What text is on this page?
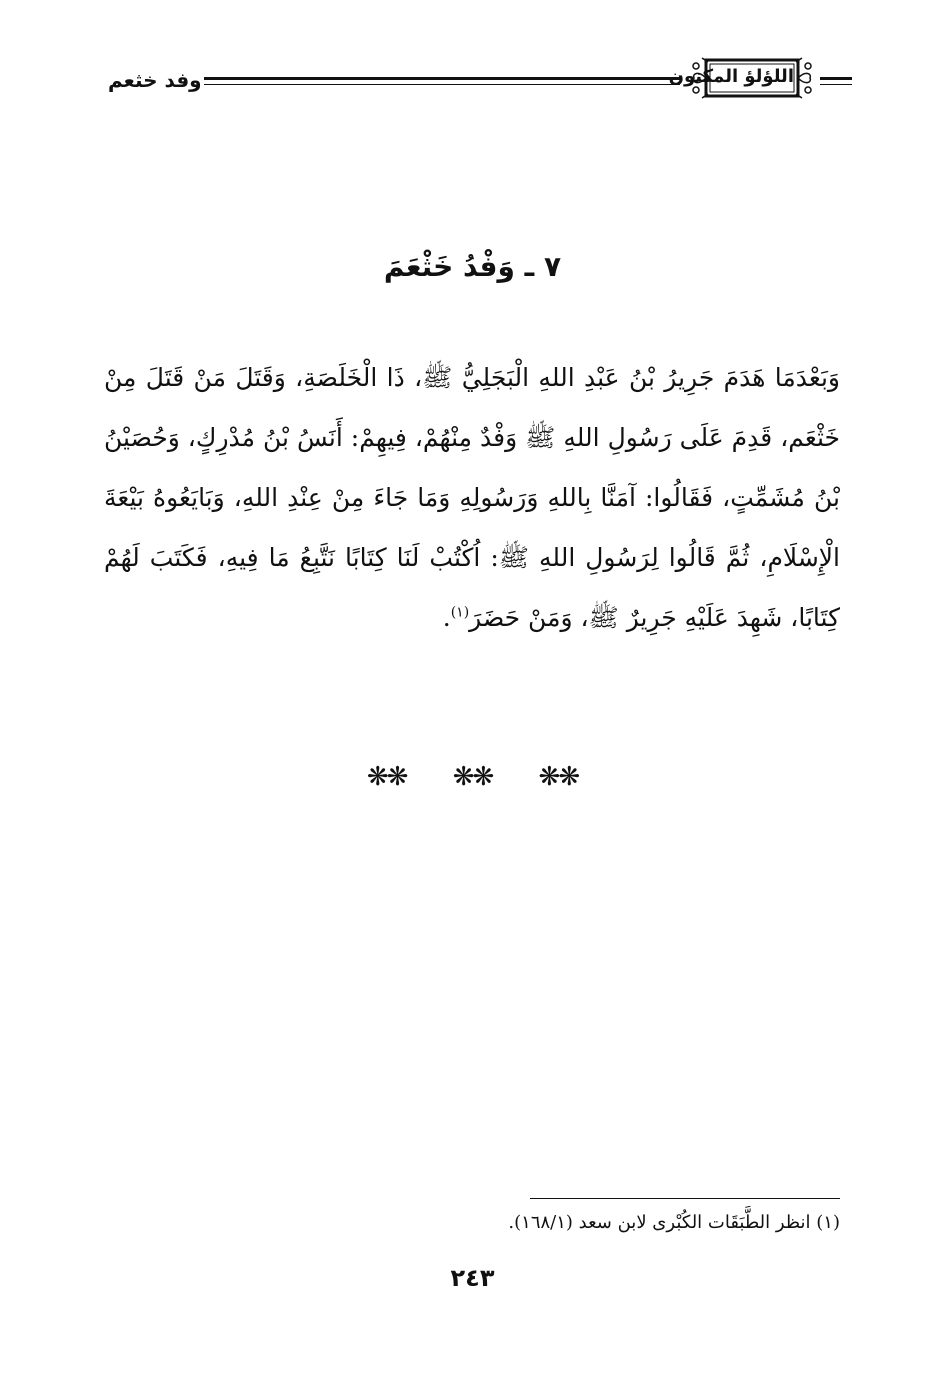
وفد خثعم	اللؤلؤ المكنون
٧ ـ وَفْدُ خَثْعَمَ
وَبَعْدَمَا هَدَمَ جَرِيرُ بْنُ عَبْدِ اللهِ الْبَجَلِيُّ ﷺ، ذَا الْخَلَصَةِ، وَقَتَلَ مَنْ قَتَلَ مِنْ خَثْعَم، قَدِمَ عَلَى رَسُولِ اللهِ ﷺ وَفْدٌ مِنْهُمْ، فِيهِمْ: أَنَسُ بْنُ مُدْرِكٍ، وَحُصَيْنُ بْنُ مُشَمِّتٍ، فَقَالُوا: آمَنَّا بِاللهِ وَرَسُولِهِ وَمَا جَاءَ مِنْ عِنْدِ اللهِ، وَبَايَعُوهُ بَيْعَةَ الْإِسْلَامِ، ثُمَّ قَالُوا لِرَسُولِ اللهِ ﷺ: اُكْتُبْ لَنَا كِتَابًا نَتَّبِعُ مَا فِيهِ، فَكَتَبَ لَهُمْ كِتَابًا، شَهِدَ عَلَيْهِ جَرِيرٌ ﷺ، وَمَنْ حَضَرَ$^{(١)}$.
❋❋ ❋❋ ❋❋
(١) انظر الطَّبَقَات الكُبْرى لابن سعد (١٦٨/١).
٢٤٣
